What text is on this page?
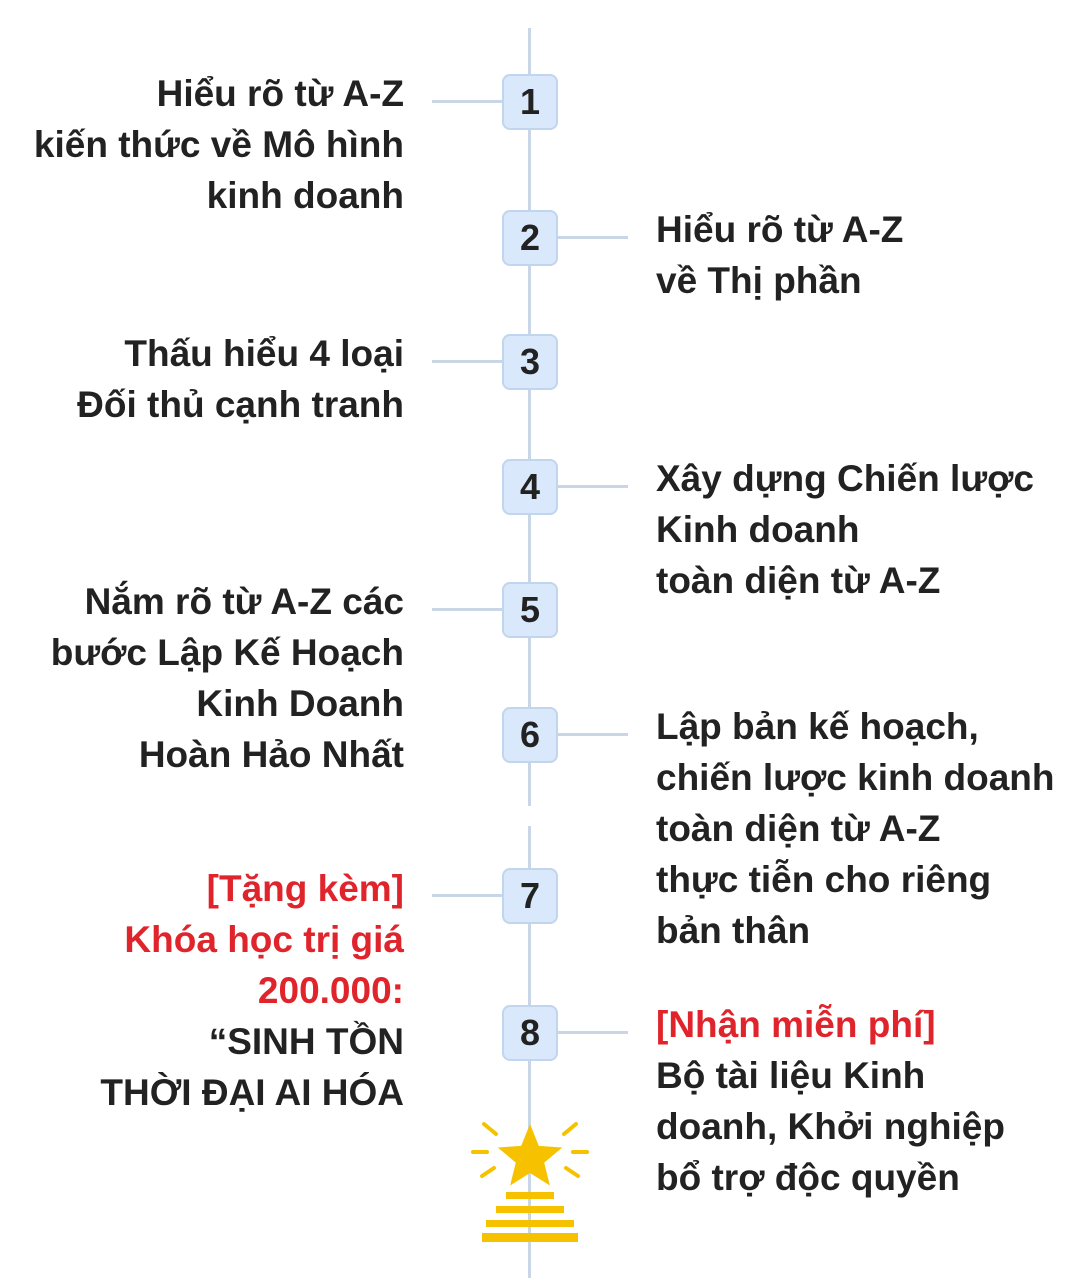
1
Hiểu rõ từ A-Z
kiến thức về Mô hình
kinh doanh
2	Hiểu rõ từ A-Z
về Thị phần
3
Thấu hiểu 4 loại
Đối thủ cạnh tranh
4	Xây dựng Chiến lược
Kinh doanh
toàn diện từ A-Z
5
Nắm rõ từ A-Z các
bước Lập Kế Hoạch
Kinh Doanh
Hoàn Hảo Nhất	6	Lập bản kế hoạch,
chiến lược kinh doanh
toàn diện từ A-Z
thực tiễn cho riêng
bản thân
7
[Tặng kèm]
Khóa học trị giá
200.000:
“SINH TỒN
THỜI ĐẠI AI HÓA
8	[Nhận miễn phí]
Bộ tài liệu Kinh
doanh, Khởi nghiệp
bổ trợ độc quyền
